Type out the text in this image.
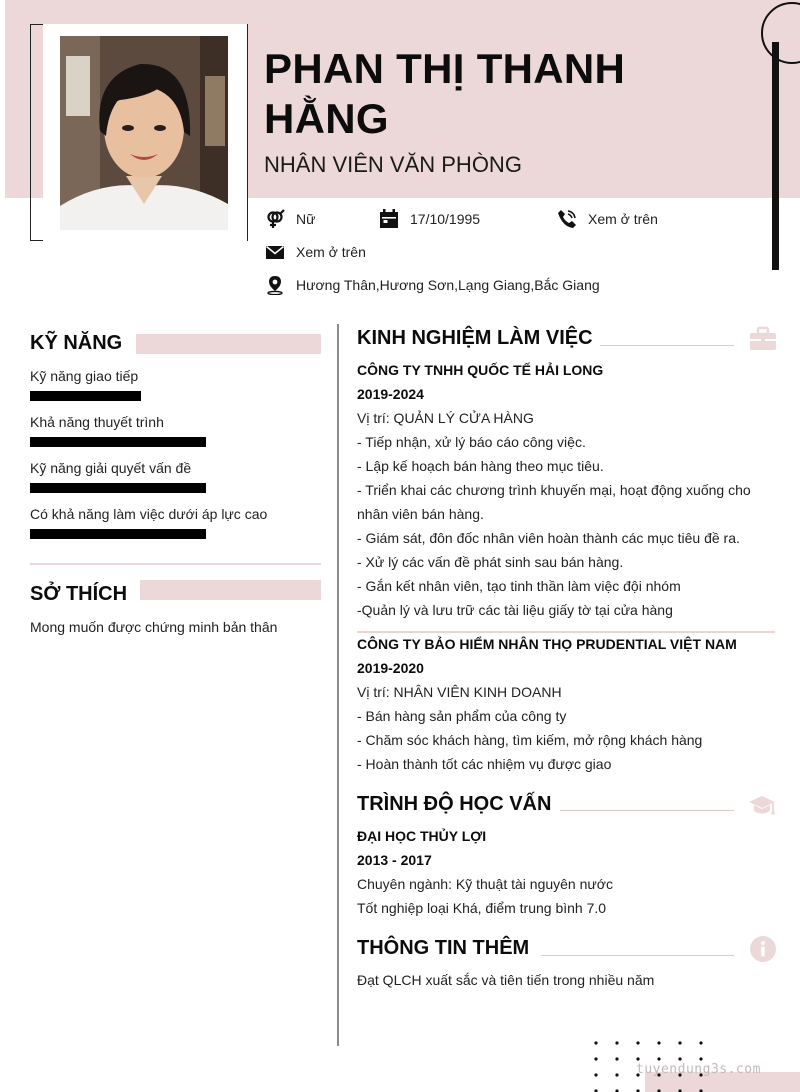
PHAN THỊ THANH HẰNG
NHÂN VIÊN VĂN PHÒNG
Nữ	17/10/1995	Xem ở trên
Xem ở trên
Hương Thân,Hương Sơn,Lạng Giang,Bắc Giang
KỸ NĂNG
Kỹ năng giao tiếp
Khả năng thuyết trình
Kỹ năng giải quyết vấn đề
Có khả năng làm việc dưới áp lực cao
SỞ THÍCH
Mong muốn được chứng minh bản thân
KINH NGHIỆM LÀM VIỆC
CÔNG TY TNHH QUỐC TẾ HẢI LONG
2019-2024
Vị trí: QUẢN LÝ CỬA HÀNG
- Tiếp nhận, xử lý báo cáo công việc.
- Lập kế hoạch bán hàng theo mục tiêu.
- Triển khai các chương trình khuyến mại, hoạt động xuống cho nhân viên bán hàng.
- Giám sát, đôn đốc nhân viên hoàn thành các mục tiêu đề ra.
- Xử lý các vấn đề phát sinh sau bán hàng.
- Gắn kết nhân viên, tạo tinh thần làm việc đội nhóm
-Quản lý và lưu trữ các tài liệu giấy tờ tại cửa hàng
CÔNG TY BẢO HIỂM NHÂN THỌ PRUDENTIAL VIỆT NAM
2019-2020
Vị trí: NHÂN VIÊN KINH DOANH
- Bán hàng sản phẩm của công ty
- Chăm sóc khách hàng, tìm kiếm, mở rộng khách hàng
- Hoàn thành tốt các nhiệm vụ được giao
TRÌNH ĐỘ HỌC VẤN
ĐẠI HỌC THỦY LỢI
2013 - 2017
Chuyên ngành: Kỹ thuật tài nguyên nước
Tốt nghiệp loại Khá, điểm trung bình 7.0
THÔNG TIN THÊM
Đạt QLCH xuất sắc và tiên tiến trong nhiều năm
tuyendung3s.com
